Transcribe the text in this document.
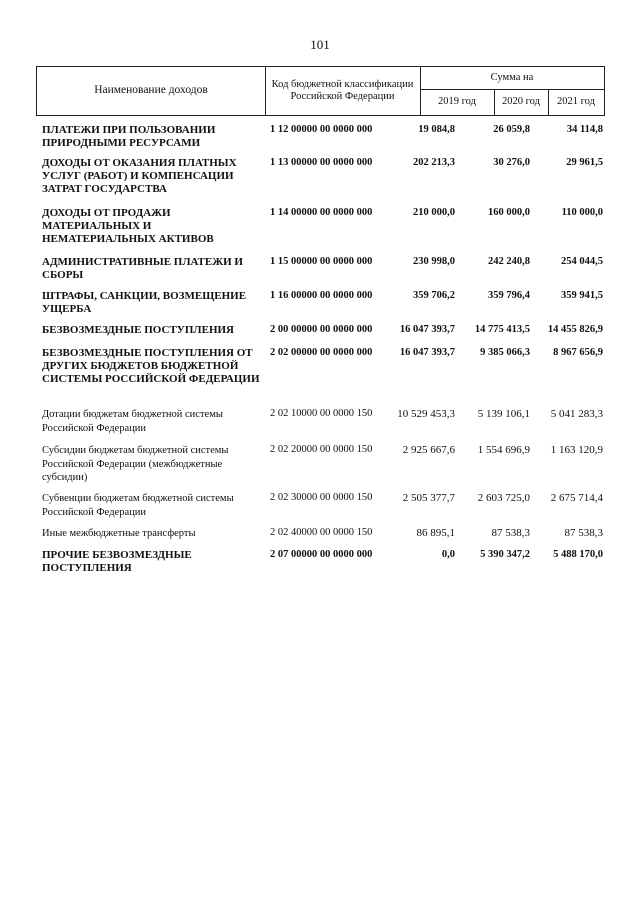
101
Наименование доходов	Код бюджетной классификации Российской Федерации
Сумма на
2019 год	2020 год	2021 год
ПЛАТЕЖИ ПРИ ПОЛЬЗОВАНИИ ПРИРОДНЫМИ РЕСУРСАМИ
1 12 00000 00 0000 000	19 084,8	26 059,8	34 114,8
ДОХОДЫ ОТ ОКАЗАНИЯ ПЛАТНЫХ УСЛУГ (РАБОТ) И КОМПЕНСАЦИИ ЗАТРАТ ГОСУДАРСТВА
1 13 00000 00 0000 000	202 213,3	30 276,0	29 961,5
ДОХОДЫ ОТ ПРОДАЖИ МАТЕРИАЛЬНЫХ И НЕМАТЕРИАЛЬНЫХ АКТИВОВ
1 14 00000 00 0000 000	210 000,0	160 000,0	110 000,0
АДМИНИСТРАТИВНЫЕ ПЛАТЕЖИ И СБОРЫ
1 15 00000 00 0000 000	230 998,0	242 240,8	254 044,5
ШТРАФЫ, САНКЦИИ, ВОЗМЕЩЕНИЕ УЩЕРБА
1 16 00000 00 0000 000	359 706,2	359 796,4	359 941,5
БЕЗВОЗМЕЗДНЫЕ ПОСТУПЛЕНИЯ	2 00 00000 00 0000 000	16 047 393,7	14 775 413,5	14 455 826,9
БЕЗВОЗМЕЗДНЫЕ ПОСТУПЛЕНИЯ ОТ ДРУГИХ БЮДЖЕТОВ БЮДЖЕТНОЙ СИСТЕМЫ РОССИЙСКОЙ ФЕДЕРАЦИИ
2 02 00000 00 0000 000	16 047 393,7	9 385 066,3	8 967 656,9
Дотации бюджетам бюджетной системы Российской Федерации
2 02 10000 00 0000 150	10 529 453,3	5 139 106,1	5 041 283,3
Субсидии бюджетам бюджетной системы Российской Федерации (межбюджетные субсидии)
2 02 20000 00 0000 150	2 925 667,6	1 554 696,9	1 163 120,9
Субвенции бюджетам бюджетной системы Российской Федерации
2 02 30000 00 0000 150	2 505 377,7	2 603 725,0	2 675 714,4
Иные межбюджетные трансферты	2 02 40000 00 0000 150	86 895,1	87 538,3	87 538,3
ПРОЧИЕ БЕЗВОЗМЕЗДНЫЕ ПОСТУПЛЕНИЯ
2 07 00000 00 0000 000	0,0	5 390 347,2	5 488 170,0
